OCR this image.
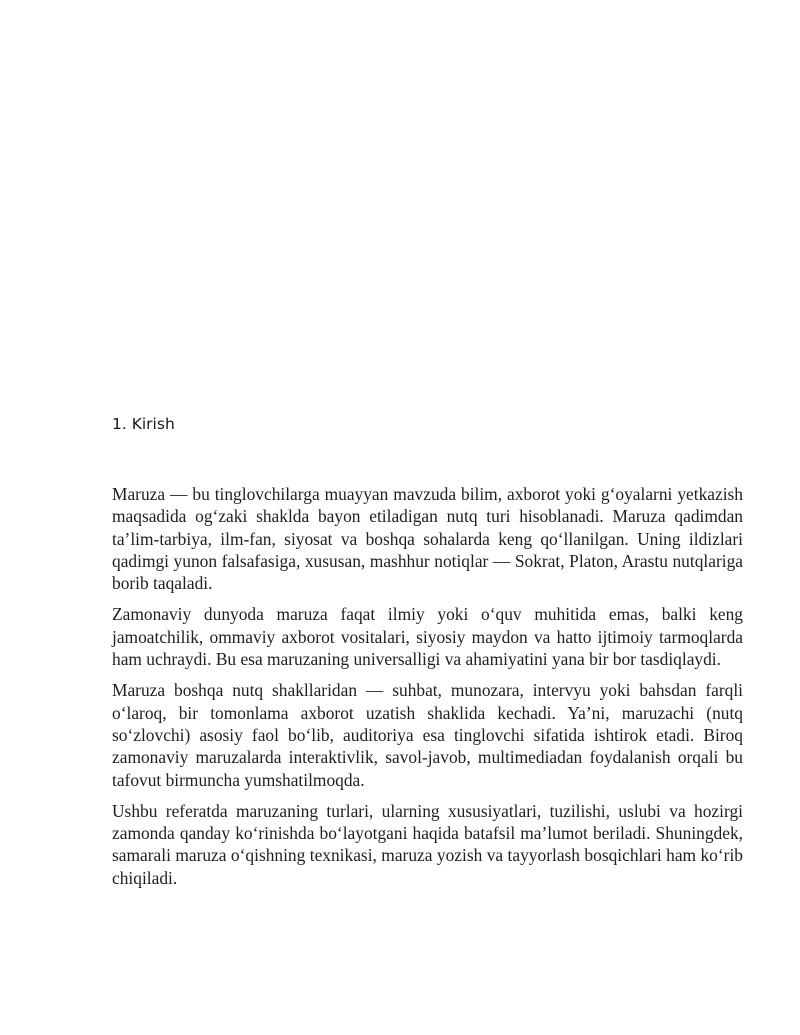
1. Kirish

Maruza — bu tinglovchilarga muayyan mavzuda bilim, axborot yoki g‘oyalarni yetkazish maqsadida og‘zaki shaklda bayon etiladigan nutq turi hisoblanadi. Maruza qadimdan ta’lim-tarbiya, ilm-fan, siyosat va boshqa sohalarda keng qo‘llanilgan. Uning ildizlari qadimgi yunon falsafasiga, xususan, mashhur notiqlar — Sokrat, Platon, Arastu nutqlariga borib taqaladi.

Zamonaviy dunyoda maruza faqat ilmiy yoki o‘quv muhitida emas, balki keng jamoatchilik, ommaviy axborot vositalari, siyosiy maydon va hatto ijtimoiy tarmoqlarda ham uchraydi. Bu esa maruzaning universalligi va ahamiyatini yana bir bor tasdiqlaydi.

Maruza boshqa nutq shakllaridan — suhbat, munozara, intervyu yoki bahsdan farqli o‘laroq, bir tomonlama axborot uzatish shaklida kechadi. Ya’ni, maruzachi (nutq so‘zlovchi) asosiy faol bo‘lib, auditoriya esa tinglovchi sifatida ishtirok etadi. Biroq zamonaviy maruzalarda interaktivlik, savol-javob, multimediadan foydalanish orqali bu tafovut birmuncha yumshatilmoqda.

Ushbu referatda maruzaning turlari, ularning xususiyatlari, tuzilishi, uslubi va hozirgi zamonda qanday ko‘rinishda bo‘layotgani haqida batafsil ma’lumot beriladi. Shuningdek, samarali maruza o‘qishning texnikasi, maruza yozish va tayyorlash bosqichlari ham ko‘rib chiqiladi.
